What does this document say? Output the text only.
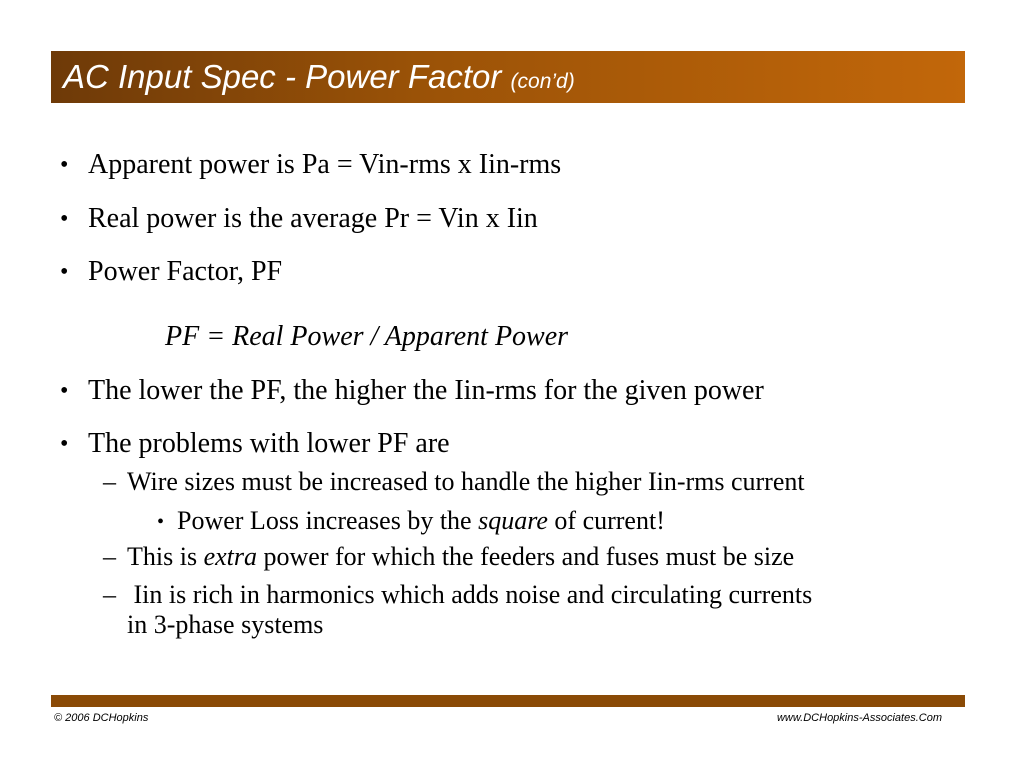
AC Input Spec - Power Factor (con’d)
• Apparent power is Pa = Vin-rms x Iin-rms
• Real power is the average Pr = Vin x Iin
• Power Factor, PF
PF = Real Power / Apparent Power
• The lower the PF, the higher the Iin-rms for the given power
• The problems with lower PF are
– Wire sizes must be increased to handle the higher Iin-rms current
• Power Loss increases by the square of current!
– This is extra power for which the feeders and fuses must be size
– Iin is rich in harmonics which adds noise and circulating currents
in 3-phase systems
© 2006 DCHopkins	www.DCHopkins-Associates.Com
